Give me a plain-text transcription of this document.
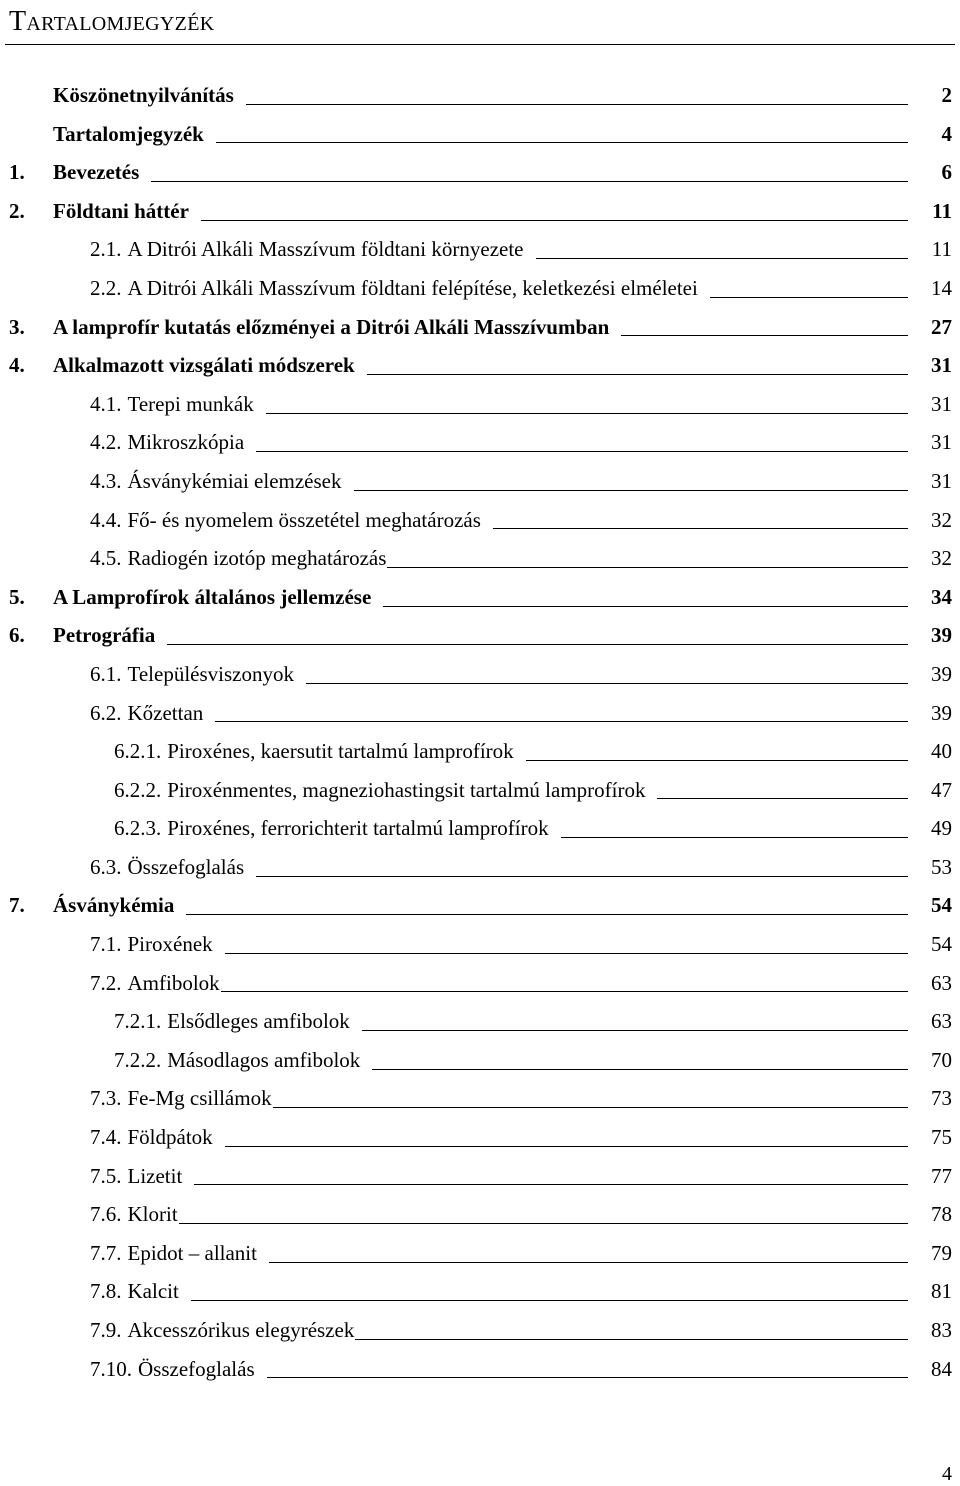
Tartalomjegyzék
Köszönetnyilvánítás	2
Tartalomjegyzék	4
1.	Bevezetés	6
2.	Földtani háttér	11
2.1. A Ditrói Alkáli Masszívum földtani környezete	11
2.2. A Ditrói Alkáli Masszívum földtani felépítése, keletkezési elméletei	14
3.	A lamprofír kutatás előzményei a Ditrói Alkáli Masszívumban	27
4.	Alkalmazott vizsgálati módszerek	31
4.1. Terepi munkák	31
4.2. Mikroszkópia	31
4.3. Ásványkémiai elemzések	31
4.4. Fő- és nyomelem összetétel meghatározás	32
4.5. Radiogén izotóp meghatározás	32
5.	A Lamprofírok általános jellemzése	34
6.	Petrográfia	39
6.1. Településviszonyok	39
6.2. Kőzettan	39
6.2.1. Piroxénes, kaersutit tartalmú lamprofírok	40
6.2.2. Piroxénmentes, magneziohastingsit tartalmú lamprofírok	47
6.2.3. Piroxénes, ferrorichterit tartalmú lamprofírok	49
6.3. Összefoglalás	53
7.	Ásványkémia	54
7.1. Piroxének	54
7.2. Amfibolok	63
7.2.1. Elsődleges amfibolok	63
7.2.2. Másodlagos amfibolok	70
7.3. Fe-Mg csillámok	73
7.4. Földpátok	75
7.5. Lizetit	77
7.6. Klorit	78
7.7. Epidot – allanit	79
7.8. Kalcit	81
7.9. Akcesszórikus elegyrészek	83
7.10. Összefoglalás	84
4
